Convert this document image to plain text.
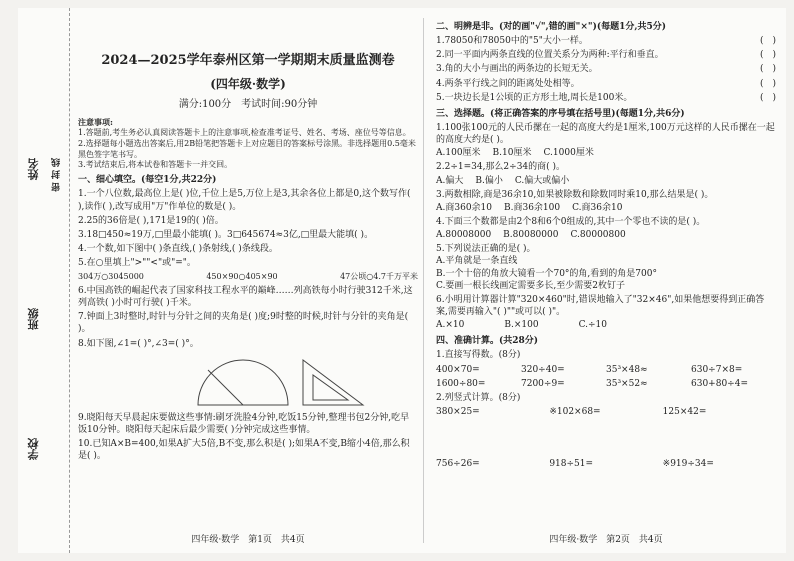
姓名
班级
学校
密 封 线
2024—2025学年泰州区第一学期期末质量监测卷
(四年级·数学)
满分:100分　考试时间:90分钟
注意事项:
1.答题前,考生务必认真阅读答题卡上的注意事项,检查准考证号、姓名、考场、座位号等信息。
2.选择题每小题选出答案后,用2B铅笔把答题卡上对应题目的答案标号涂黑。非选择题用0.5毫米黑色签字笔书写。
3.考试结束后,将本试卷和答题卡一并交回。
一、细心填空。(每空1分,共22分)
1.一个八位数,最高位上是( )位,千位上是5,万位上是3,其余各位上都是0,这个数写作( ),读作( ),改写成用"万"作单位的数是( )。
2.25的36倍是( ),171是19的( )倍。
3.18□450≈19万,□里最小能填( )。3□645674≈3亿,□里最大能填( )。
4.一个数,如下图中( )条直线,( )条射线,( )条线段。
5.在○里填上">""<"或"="。
304万○3045000	450×90○405×90	47公顷○4.7千万平米
6.中国高铁的崛起代表了国家科技工程水平的巅峰……列高铁每小时行驶312千米,这列高铁( )小时可行驶( )千米。
7.钟面上3时整时,时针与分针之间的夹角是( )度;9时整的时候,时针与分针的夹角是( )。
8.如下图,∠1=( )°,∠3=( )°。
9.晓阳每天早晨起床要做这些事情:刷牙洗脸4分钟,吃饭15分钟,整理书包2分钟,吃早饭10分钟。晓阳每天起床后最少需要( )分钟完成这些事情。
10.已知A×B=400,如果A扩大5倍,B不变,那么积是( );如果A不变,B缩小4倍,那么积是( )。
四年级·数学　第1页　共4页
二、明辨是非。(对的画"√",错的画"×")(每题1分,共5分)
1.78050和78050中的"5"大小一样。	(　)
2.同一平面内两条直线的位置关系分为两种:平行和垂直。	(　)
3.角的大小与画出的两条边的长短无关。	(　)
4.两条平行线之间的距离处处相等。	(　)
5.一块边长是1公顷的正方形土地,周长是100米。	(　)
三、选择题。(将正确答案的序号填在括号里)(每题1分,共6分)
1.100张100元的人民币摞在一起的高度大约是1厘米,100万元这样的人民币摞在一起的高度大约是( )。
A.100厘米 B.10厘米 C.1000厘米
2.2÷1=34,那么2÷34的商( )。
A.偏大 B.偏小 C.偏大或偏小
3.两数相除,商是36余10,如果被除数和除数同时乘10,那么结果是( )。
A.商360余10 B.商36余100 C.商36余10
4.下面三个数都是由2个8和6个0组成的,其中一个零也不读的是( )。
A.80008000 B.80080000 C.80000800
5.下列说法正确的是( )。
A.平角就是一条直线
B.一个十倍的角放大镜看一个70°的角,看到的角是700°
C.要画一根长线画定需要多长,至少需要2枚钉子
6.小明用计算器计算"320×460"时,错误地输入了"32×46",如果他想要得到正确答案,需要再输入"( )""或可以( )"。
A.×10	B.×100	C.÷10
四、准确计算。(共28分)
1.直接写得数。(8分)
400×70=	320÷40=	35³×48≈	630÷7×8=
1600÷80=	7200÷9=	35³×52≈	630+80÷4=
2.列竖式计算。(8分)
380×25=	※102×68=	125×42=
756÷26=	918÷51=	※919÷34=
四年级·数学　第2页　共4页
